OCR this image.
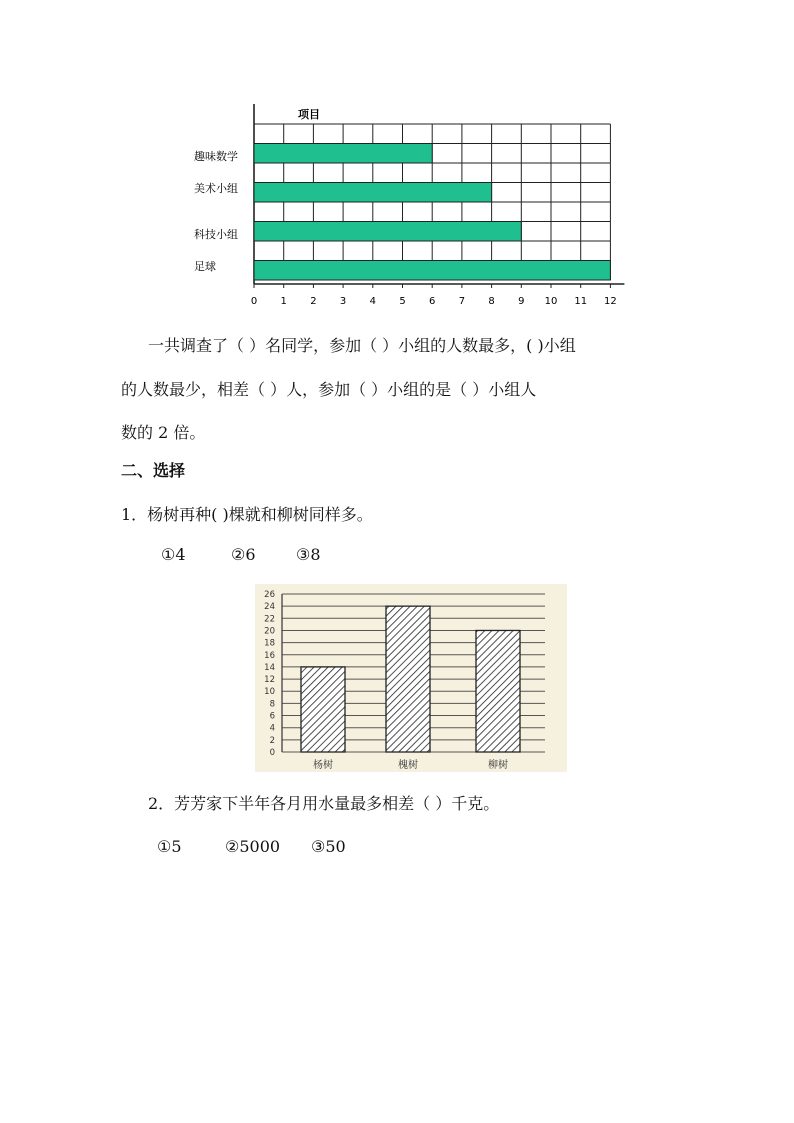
项目
趣味数学
美术小组
科技小组
足球
0 1 2 3 4 5 6 7 8 9 10 11 12
一共调查了（ ）名同学，参加（ ）小组的人数最多，( )小组
的人数最少，相差（ ）人，参加（ ）小组的是（ ）小组人
数的 2 倍。
二、选择
1．杨树再种( )棵就和柳树同样多。
①4	②6	③8
0
2
4
6
8
10
12
14
16
18
20
22
24
26
杨树	槐树	柳树
2．芳芳家下半年各月用水量最多相差（ ）千克。
①5	②5000 ③50
